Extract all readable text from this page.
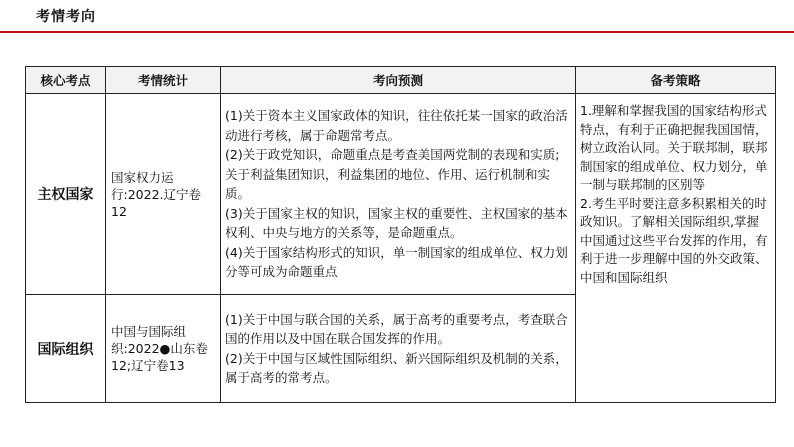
考情考向
核心考点	考情统计	考向预测	备考策略
主权国家	国家权力运行:2022.辽宁卷12	(1)关于资本主义国家政体的知识，往往依托某一国家的政治活动进行考核，属于命题常考点。
(2)关于政党知识，命题重点是考查美国两党制的表现和实质;关于利益集团知识，利益集团的地位、作用、运行机制和实质。
(3)关于国家主权的知识，国家主权的重要性、主权国家的基本权利、中央与地方的关系等，是命题重点。
(4)关于国家结构形式的知识，单一制国家的组成单位、权力划分等可成为命题重点	1.理解和掌握我国的国家结构形式特点，有利于正确把握我国国情，树立政治认同。关于联邦制，联邦制国家的组成单位、权力划分，单一制与联邦制的区别等
2.考生平时要注意多积累相关的时政知识。了解相关国际组织,掌握中国通过这些平台发挥的作用，有利于进一步理解中国的外交政策、中国和国际组织

国际组织	中国与国际组织:2022●山东卷12;辽宁卷13	(1)关于中国与联合国的关系，属于高考的重要考点，考查联合国的作用以及中国在联合国发挥的作用。
(2)关于中国与区域性国际组织、新兴国际组织及机制的关系，属于高考的常考点。	
